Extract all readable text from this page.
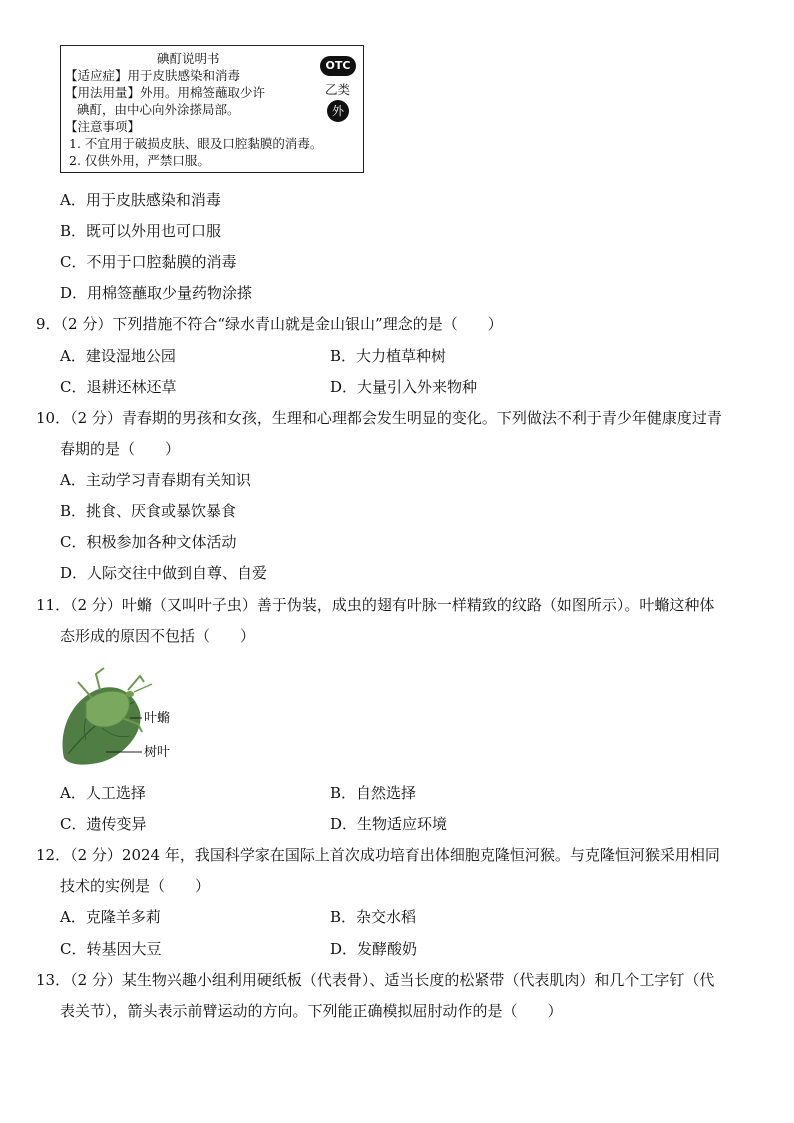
碘酊说明书
【适应症】用于皮肤感染和消毒
【用法用量】外用。用棉签蘸取少许
碘酊，由中心向外涂搽局部。
【注意事项】
1. 不宜用于破损皮肤、眼及口腔黏膜的消毒。
2. 仅供外用，严禁口服。
OTC
乙类
外
A．用于皮肤感染和消毒
B．既可以外用也可口服
C．不用于口腔黏膜的消毒
D．用棉签蘸取少量药物涂搽
9．（2 分）下列措施不符合“绿水青山就是金山银山”理念的是（　　）
A．建设湿地公园	B．大力植草种树
C．退耕还林还草	D．大量引入外来物种
10．（2 分）青春期的男孩和女孩，生理和心理都会发生明显的变化。下列做法不利于青少年健康度过青
春期的是（　　）
A．主动学习青春期有关知识
B．挑食、厌食或暴饮暴食
C．积极参加各种文体活动
D．人际交往中做到自尊、自爱
11．（2 分）叶䗛（又叫叶子虫）善于伪装，成虫的翅有叶脉一样精致的纹路（如图所示）。叶䗛这种体
态形成的原因不包括（　　）
叶䗛
树叶
A．人工选择	B．自然选择
C．遗传变异	D．生物适应环境
12．（2 分）2024 年，我国科学家在国际上首次成功培育出体细胞克隆恒河猴。与克隆恒河猴采用相同
技术的实例是（　　）
A．克隆羊多莉	B．杂交水稻
C．转基因大豆	D．发酵酸奶
13．（2 分）某生物兴趣小组利用硬纸板（代表骨）、适当长度的松紧带（代表肌肉）和几个工字钉（代
表关节），箭头表示前臂运动的方向。下列能正确模拟屈肘动作的是（　　）
